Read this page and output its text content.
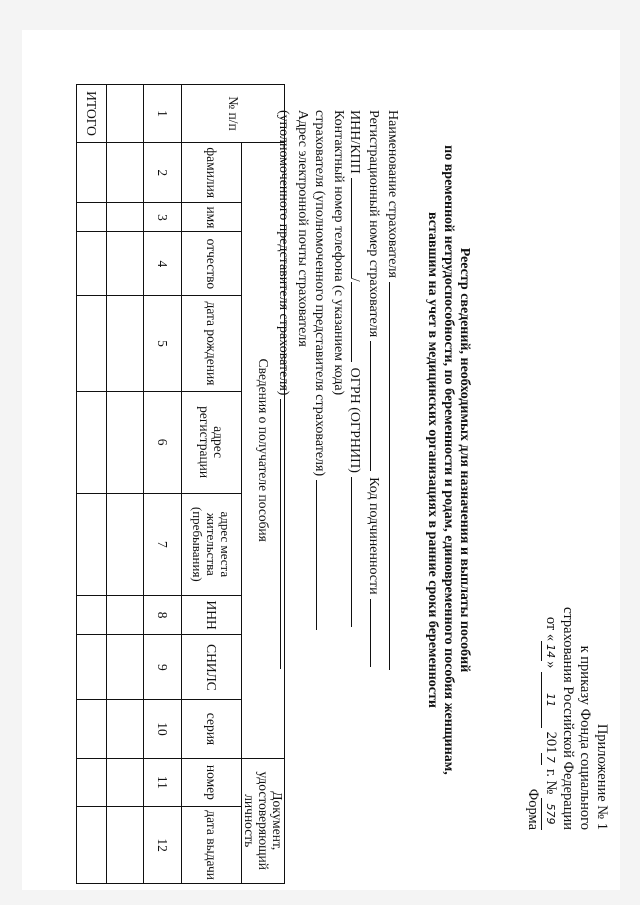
Приложение № 1
к приказу Фонда социального
страхования Российской Федерации
от «14» 11 2017 г. № 579
Форма
Реестр сведений, необходимых для назначения и выплаты пособий
по временной нетрудоспособности, по беременности и родам, единовременного пособия женщинам,
вставшим на учет в медицинских организациях в ранние сроки беременности
Наименование страхователя
Регистрационный номер страхователя
Код подчиненности
ИНН/КПП
/
ОГРН (ОГРНИП)
Контактный номер телефона (с указанием кода)
страхователя (уполномоченного представителя страхователя)
Адрес электронной почты страхователя
(уполномоченного представителя страхователя)
№ п/п	Сведения о получателе пособия									Документ, удостоверяющий личность	
	фамилия	имя	отчество	дата рождения	адрес регистрации	адрес места жительства (пребывания)	ИНН	СНИЛС	серия	номер	дата выдачи
1	2	3	4	5	6	7	8	9	10	11	12

ИТОГО											
